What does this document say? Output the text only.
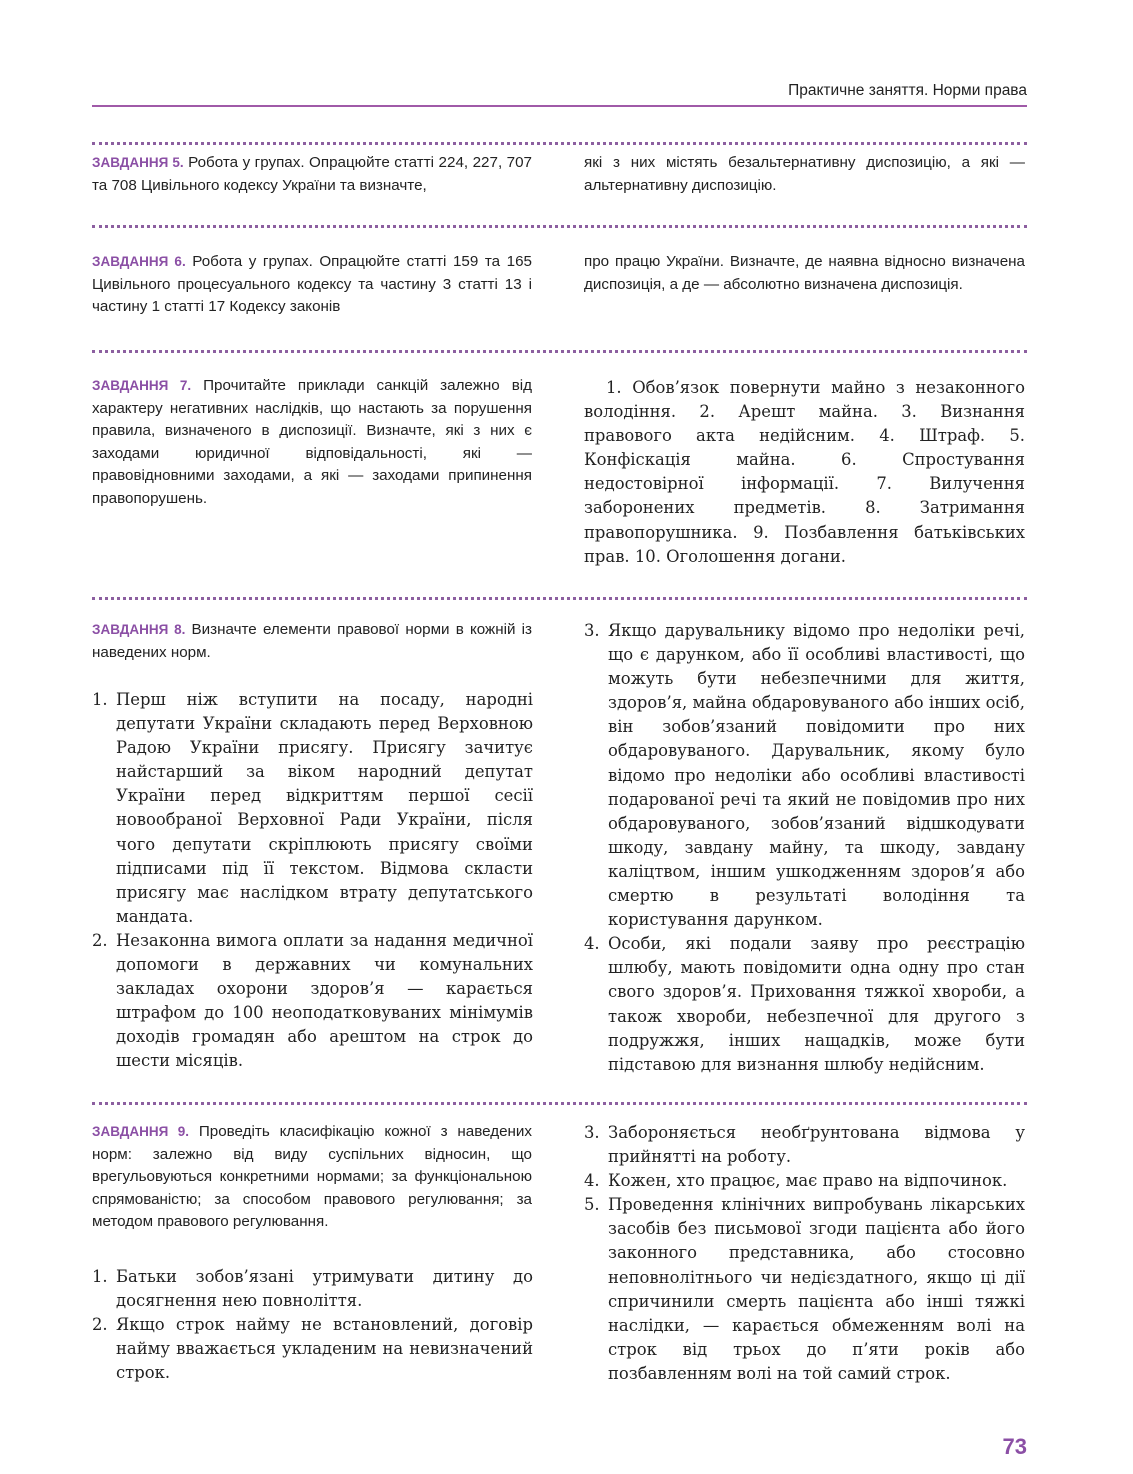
Практичне заняття. Норми права
ЗАВДАННЯ 5. Робота у групах. Опрацюйте статті 224, 227, 707 та 708 Цивільного кодексу України та визначте,
які з них містять безальтернативну диспозицію, а які — альтернативну диспозицію.
ЗАВДАННЯ 6. Робота у групах. Опрацюйте статті 159 та 165 Цивільного процесуального кодексу та частину 3 статті 13 і частину 1 статті 17 Кодексу законів
про працю України. Визначте, де наявна відносно визначена диспозиція, а де — абсолютно визначена диспозиція.
ЗАВДАННЯ 7. Прочитайте приклади санкцій залежно від характеру негативних наслідків, що настають за порушення правила, визначеного в диспозиції. Визначте, які з них є заходами юридичної відповідальності, які — правовідновними заходами, а які — заходами припинення правопорушень.
1. Обов’язок повернути майно з незаконного володіння. 2. Арешт майна. 3. Визнання правового акта недійсним. 4. Штраф. 5. Конфіскація майна. 6. Спростування недостовірної інформації. 7. Вилучення заборонених предметів. 8. Затримання правопорушника. 9. Позбавлення батьківських прав. 10. Оголошення догани.
ЗАВДАННЯ 8. Визначте елементи правової норми в кожній із наведених норм.
1. Перш ніж вступити на посаду, народні депутати України складають перед Верховною Радою України присягу. Присягу зачитує найстарший за віком народний депутат України перед відкриттям першої сесії новообраної Верховної Ради України, після чого депутати скріплюють присягу своїми підписами під її текстом. Відмова скласти присягу має наслідком втрату депутатського мандата.
2. Незаконна вимога оплати за надання медичної допомоги в державних чи комунальних закладах охорони здоров’я — карається штрафом до 100 неоподатковуваних мінімумів доходів громадян або арештом на строк до шести місяців.
3. Якщо дарувальнику відомо про недоліки речі, що є дарунком, або її особливі властивості, що можуть бути небезпечними для життя, здоров’я, майна обдаровуваного або інших осіб, він зобов’язаний повідомити про них обдаровуваного. Дарувальник, якому було відомо про недоліки або особливі властивості подарованої речі та який не повідомив про них обдаровуваного, зобов’язаний відшкодувати шкоду, завдану майну, та шкоду, завдану каліцтвом, іншим ушкодженням здоров’я або смертю в результаті володіння та користування дарунком.
4. Особи, які подали заяву про реєстрацію шлюбу, мають повідомити одна одну про стан свого здоров’я. Приховання тяжкої хвороби, а також хвороби, небезпечної для другого з подружжя, інших нащадків, може бути підставою для визнання шлюбу недійсним.
ЗАВДАННЯ 9. Проведіть класифікацію кожної з наведених норм: залежно від виду суспільних відносин, що врегульовуються конкретними нормами; за функціональною спрямованістю; за способом правового регулювання; за методом правового регулювання.
1. Батьки зобов’язані утримувати дитину до досягнення нею повноліття.
2. Якщо строк найму не встановлений, договір найму вважається укладеним на невизначений строк.
3. Забороняється необґрунтована відмова у прийнятті на роботу.
4. Кожен, хто працює, має право на відпочинок.
5. Проведення клінічних випробувань лікарських засобів без письмової згоди пацієнта або його законного представника, або стосовно неповнолітнього чи недієздатного, якщо ці дії спричинили смерть пацієнта або інші тяжкі наслідки, — карається обмеженням волі на строк від трьох до п’яти років або позбавленням волі на той самий строк.
73
